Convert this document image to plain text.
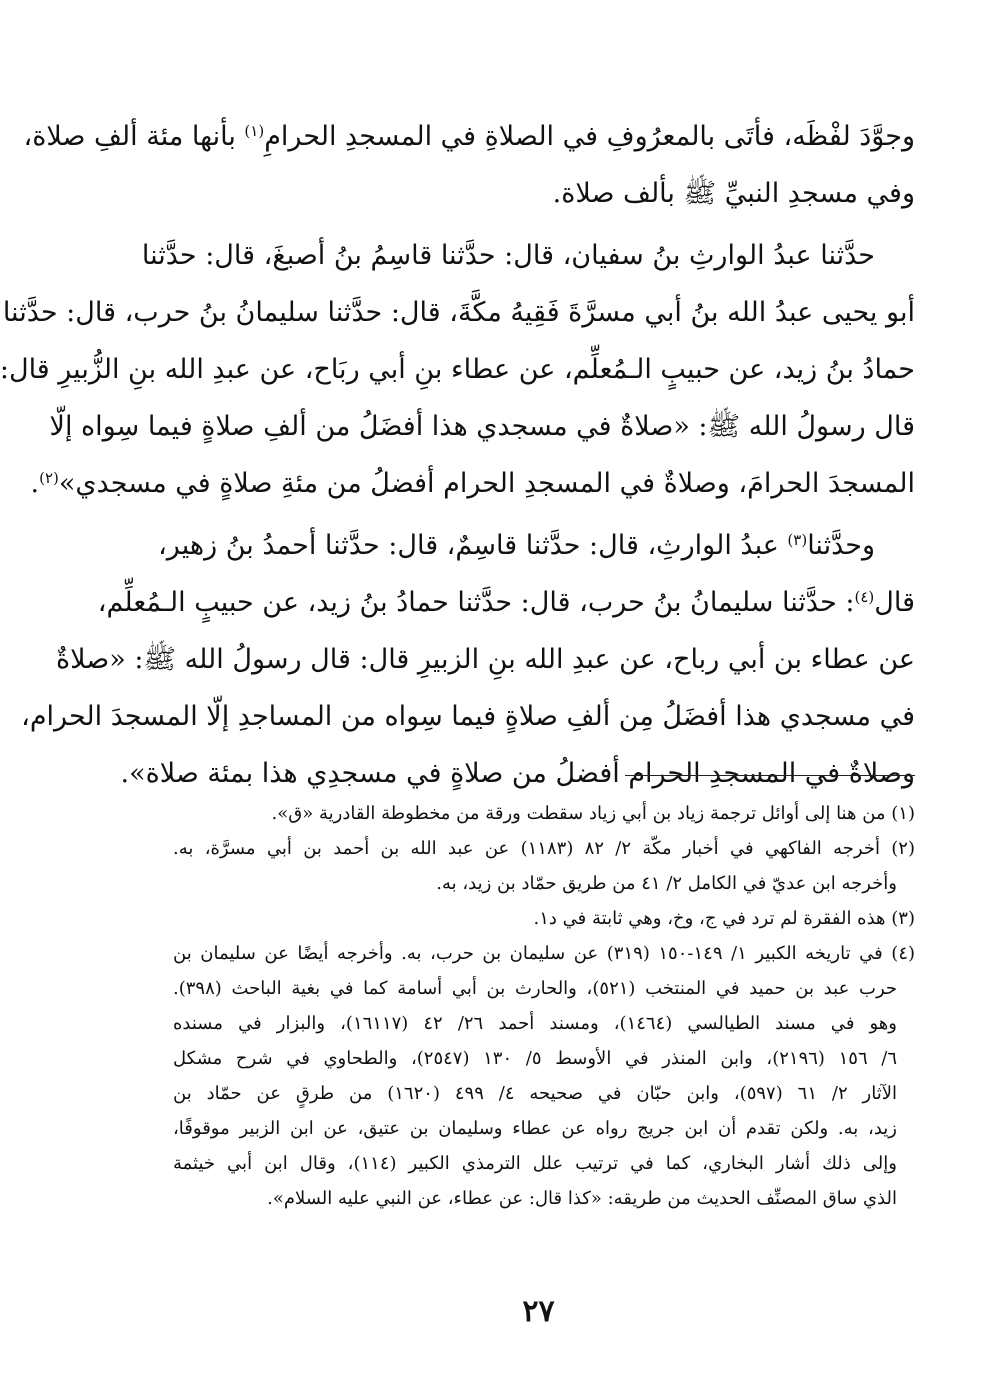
وجوَّدَ لفْظَه، فأتَى بالمعرُوفِ في الصلاةِ في المسجدِ الحرامِ$^{(١)}$ بأنها مئة ألفِ صلاة،
وفي مسجدِ النبيِّ ﷺ بألف صلاة.
حدَّثنا عبدُ الوارثِ بنُ سفيان، قال: حدَّثنا قاسِمُ بنُ أصبغَ، قال: حدَّثنا
أبو يحيى عبدُ الله بنُ أبي مسرَّةَ فَقِيهُ مكَّةَ، قال: حدَّثنا سليمانُ بنُ حرب، قال: حدَّثنا
حمادُ بنُ زيد، عن حبيبٍ الـمُعلِّم، عن عطاء بنِ أبي ربَاح، عن عبدِ الله بنِ الزُّبيرِ قال:
قال رسولُ الله ﷺ: «صلاةٌ في مسجدي هذا أفضَلُ من ألفِ صلاةٍ فيما سِواه إلّا
المسجدَ الحرامَ، وصلاةٌ في المسجدِ الحرام أفضلُ من مئةِ صلاةٍ في مسجدي»$^{(٢)}$.
وحدَّثنا$^{(٣)}$ عبدُ الوارثِ، قال: حدَّثنا قاسِمٌ، قال: حدَّثنا أحمدُ بنُ زهير،
قال$^{(٤)}$: حدَّثنا سليمانُ بنُ حرب، قال: حدَّثنا حمادُ بنُ زيد، عن حبيبٍ الـمُعلِّم،
عن عطاء بن أبي رباح، عن عبدِ الله بنِ الزبيرِ قال: قال رسولُ الله ﷺ: «صلاةٌ
في مسجدي هذا أفضَلُ مِن ألفِ صلاةٍ فيما سِواه من المساجدِ إلّا المسجدَ الحرام،
وصلاةٌ في المسجدِ الحرام أفضلُ من صلاةٍ في مسجدِي هذا بمئة صلاة».
(١) من هنا إلى أوائل ترجمة زياد بن أبي زياد سقطت ورقة من مخطوطة القادرية «ق».
(٢) أخرجه الفاكهي في أخبار مكّة ٢/ ٨٢ (١١٨٣) عن عبد الله بن أحمد بن أبي مسرَّة، به.
وأخرجه ابن عديّ في الكامل ٢/ ٤١ من طريق حمّاد بن زيد، به.
(٣) هذه الفقرة لم ترد في ج، وخ، وهي ثابتة في د١.
(٤) في تاريخه الكبير ١/ ١٤٩-١٥٠ (٣١٩) عن سليمان بن حرب، به. وأخرجه أيضًا عن سليمان بن
حرب عبد بن حميد في المنتخب (٥٢١)، والحارث بن أبي أسامة كما في بغية الباحث (٣٩٨).
وهو في مسند الطيالسي (١٤٦٤)، ومسند أحمد ٢٦/ ٤٢ (١٦١١٧)، والبزار في مسنده
٦/ ١٥٦ (٢١٩٦)، وابن المنذر في الأوسط ٥/ ١٣٠ (٢٥٤٧)، والطحاوي في شرح مشكل
الآثار ٢/ ٦١ (٥٩٧)، وابن حبّان في صحيحه ٤/ ٤٩٩ (١٦٢٠) من طرقٍ عن حمّاد بن
زيد، به. ولكن تقدم أن ابن جريج رواه عن عطاء وسليمان بن عتيق، عن ابن الزبير موقوفًا،
وإلى ذلك أشار البخاري، كما في ترتيب علل الترمذي الكبير (١١٤)، وقال ابن أبي خيثمة
الذي ساق المصنِّف الحديث من طريقه: «كذا قال: عن عطاء، عن النبي عليه السلام».
٢٧
